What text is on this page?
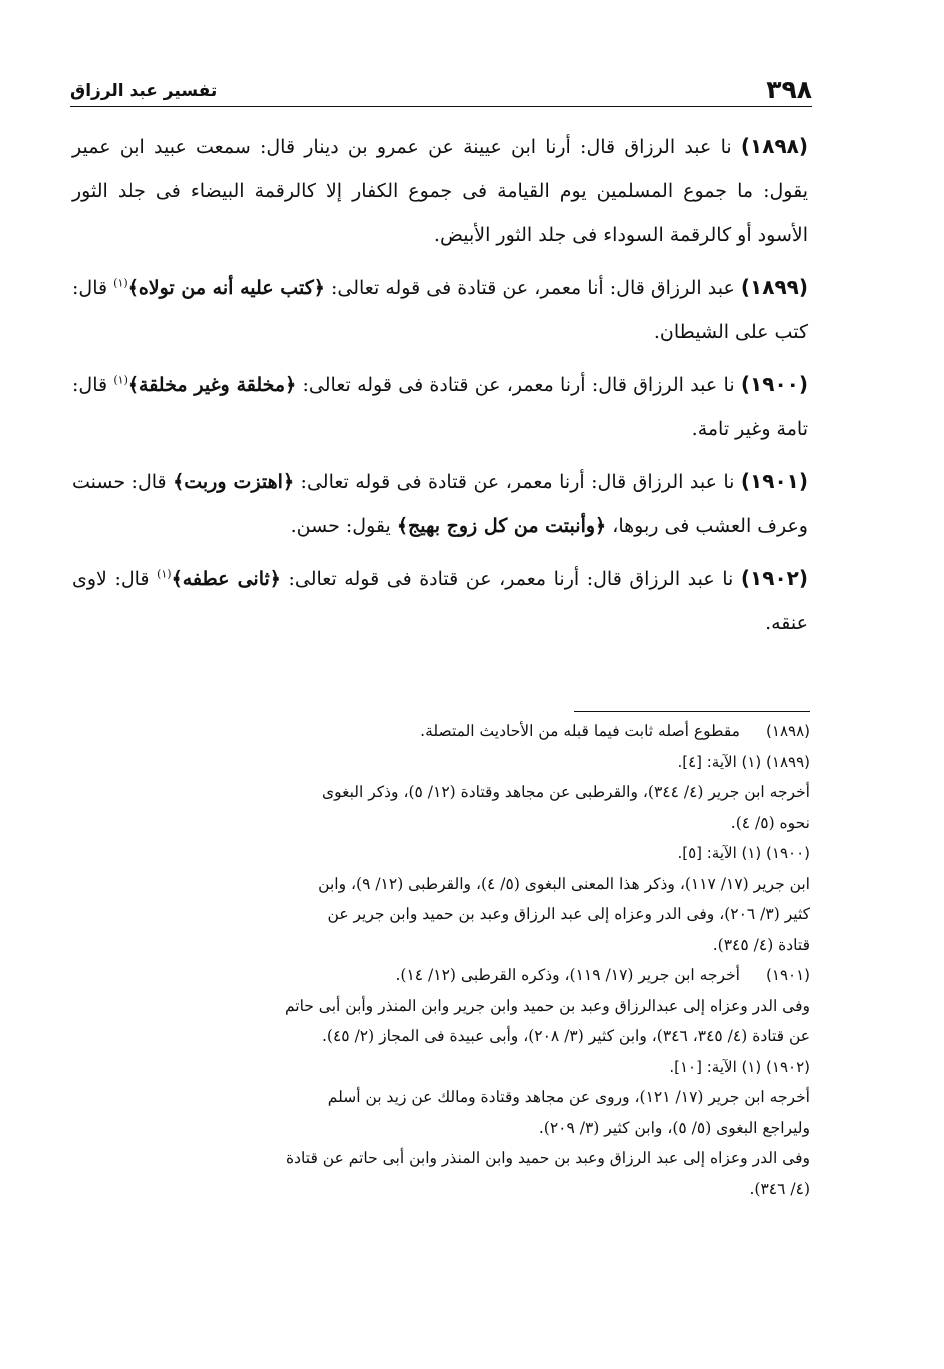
٣٩٨
تفسير عبد الرزاق

(١٨٩٨) نا عبد الرزاق قال: أرنا ابن عيينة عن عمرو بن دينار قال: سمعت عبيد ابن عمير يقول: ما جموع المسلمين يوم القيامة فى جموع الكفار إلا كالرقمة البيضاء فى جلد الثور الأسود أو كالرقمة السوداء فى جلد الثور الأبيض.

(١٨٩٩) عبد الرزاق قال: أنا معمر، عن قتادة فى قوله تعالى: ﴿كتب عليه أنه من تولاه﴾$^{(١)}$ قال: كتب على الشيطان.

(١٩٠٠) نا عبد الرزاق قال: أرنا معمر، عن قتادة فى قوله تعالى: ﴿مخلقة وغير مخلقة﴾$^{(١)}$ قال: تامة وغير تامة.

(١٩٠١) نا عبد الرزاق قال: أرنا معمر، عن قتادة فى قوله تعالى: ﴿اهتزت وربت﴾ قال: حسنت وعرف العشب فى ربوها، ﴿وأنبتت من كل زوج بهيج﴾ يقول: حسن.

(١٩٠٢) نا عبد الرزاق قال: أرنا معمر، عن قتادة فى قوله تعالى: ﴿ثانى عطفه﴾$^{(١)}$ قال: لاوى عنقه.

(١٨٩٨)
مقطوع أصله ثابت فيما قبله من الأحاديث المتصلة.
(١٨٩٩) (١) الآية: [٤].
أخرجه ابن جرير (٤/ ٣٤٤)، والقرطبى عن مجاهد وقتادة (١٢/ ٥)، وذكر البغوى
نحوه (٥/ ٤).
(١٩٠٠) (١) الآية: [٥].
ابن جرير (١٧/ ١١٧)، وذكر هذا المعنى البغوى (٥/ ٤)، والقرطبى (١٢/ ٩)، وابن
كثير (٣/ ٢٠٦)، وفى الدر وعزاه إلى عبد الرزاق وعبد بن حميد وابن جرير عن
قتادة (٤/ ٣٤٥).
(١٩٠١)
أخرجه ابن جرير (١٧/ ١١٩)، وذكره القرطبى (١٢/ ١٤).
وفى الدر وعزاه إلى عبدالرزاق وعبد بن حميد وابن جرير وابن المنذر وأبن أبى حاتم
عن قتادة (٤/ ٣٤٥، ٣٤٦)، وابن كثير (٣/ ٢٠٨)، وأبى عبيدة فى المجاز (٢/ ٤٥).
(١٩٠٢) (١) الآية: [١٠].
أخرجه ابن جرير (١٧/ ١٢١)، وروى عن مجاهد وقتادة ومالك عن زيد بن أسلم
وليراجع البغوى (٥/ ٥)، وابن كثير (٣/ ٢٠٩).
وفى الدر وعزاه إلى عبد الرزاق وعبد بن حميد وابن المنذر وابن أبى حاتم عن قتادة
(٤/ ٣٤٦).
